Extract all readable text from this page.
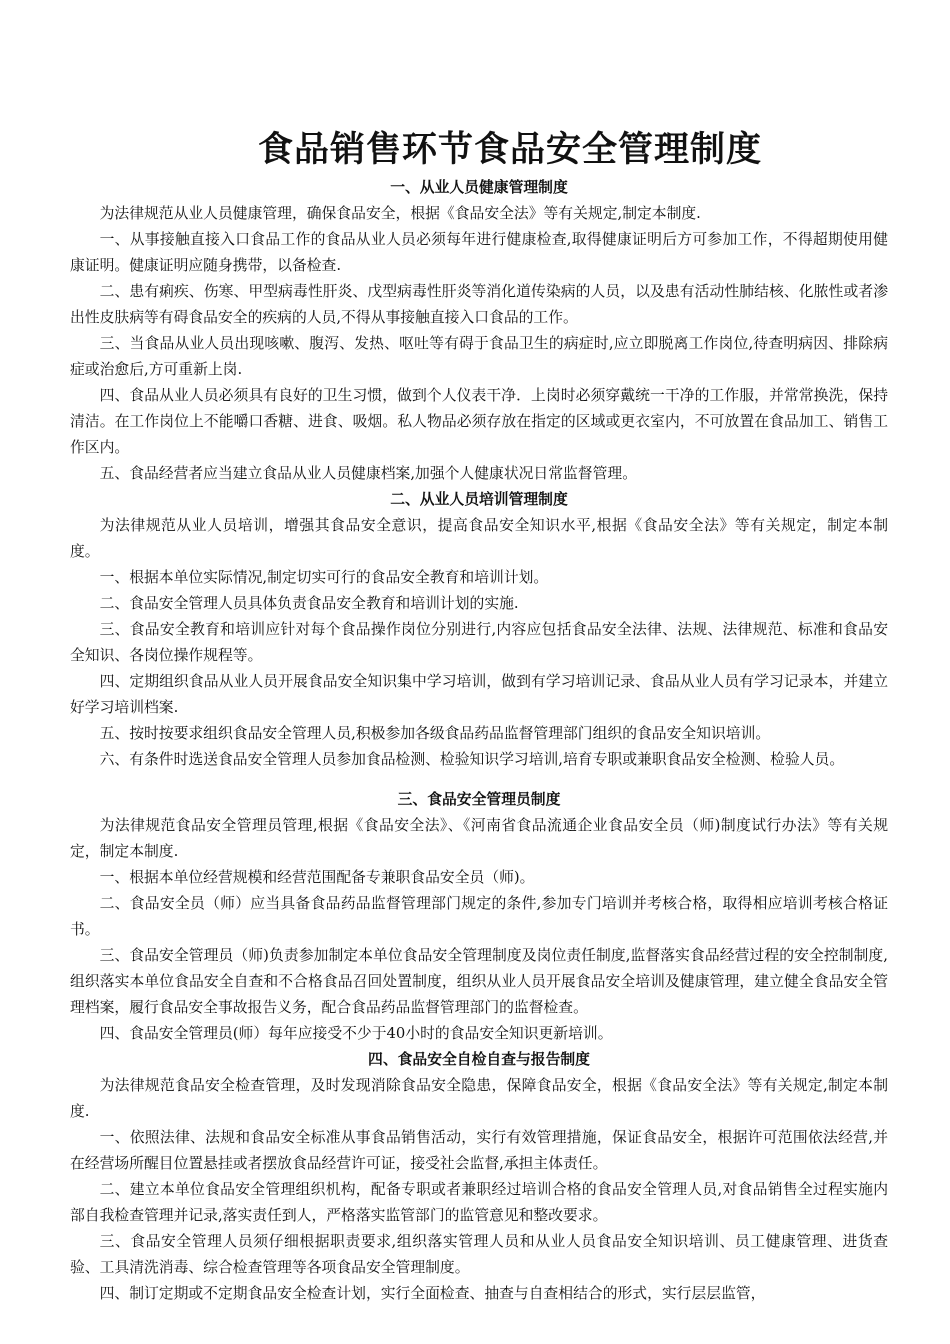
食品销售环节食品安全管理制度
一、从业人员健康管理制度

为法律规范从业人员健康管理，确保食品安全，根据《食品安全法》等有关规定,制定本制度.

一、从事接触直接入口食品工作的食品从业人员必须每年进行健康检查,取得健康证明后方可参加工作，不得超期使用健康证明。健康证明应随身携带，以备检查.

二、患有痢疾、伤寒、甲型病毒性肝炎、戊型病毒性肝炎等消化道传染病的人员，以及患有活动性肺结核、化脓性或者渗出性皮肤病等有碍食品安全的疾病的人员,不得从事接触直接入口食品的工作。

三、当食品从业人员出现咳嗽、腹泻、发热、呕吐等有碍于食品卫生的病症时,应立即脱离工作岗位,待查明病因、排除病症或治愈后,方可重新上岗.

四、食品从业人员必须具有良好的卫生习惯，做到个人仪表干净．上岗时必须穿戴统一干净的工作服，并常常换洗，保持清洁。在工作岗位上不能嚼口香糖、进食、吸烟。私人物品必须存放在指定的区域或更衣室内，不可放置在食品加工、销售工作区内。

五、食品经营者应当建立食品从业人员健康档案,加强个人健康状况日常监督管理。

二、从业人员培训管理制度

为法律规范从业人员培训，增强其食品安全意识，提高食品安全知识水平,根据《食品安全法》等有关规定，制定本制度。

一、根据本单位实际情况,制定切实可行的食品安全教育和培训计划。

二、食品安全管理人员具体负责食品安全教育和培训计划的实施.

三、食品安全教育和培训应针对每个食品操作岗位分别进行,内容应包括食品安全法律、法规、法律规范、标准和食品安全知识、各岗位操作规程等。

四、定期组织食品从业人员开展食品安全知识集中学习培训，做到有学习培训记录、食品从业人员有学习记录本，并建立好学习培训档案.

五、按时按要求组织食品安全管理人员,积极参加各级食品药品监督管理部门组织的食品安全知识培训。

六、有条件时选送食品安全管理人员参加食品检测、检验知识学习培训,培育专职或兼职食品安全检测、检验人员。

三、食品安全管理员制度

为法律规范食品安全管理员管理,根据《食品安全法》、《河南省食品流通企业食品安全员（师)制度试行办法》等有关规定，制定本制度.

一、根据本单位经营规模和经营范围配备专兼职食品安全员（师)。

二、食品安全员（师）应当具备食品药品监督管理部门规定的条件,参加专门培训并考核合格，取得相应培训考核合格证书。

三、食品安全管理员（师)负责参加制定本单位食品安全管理制度及岗位责任制度,监督落实食品经营过程的安全控制制度,组织落实本单位食品安全自查和不合格食品召回处置制度，组织从业人员开展食品安全培训及健康管理，建立健全食品安全管理档案，履行食品安全事故报告义务，配合食品药品监督管理部门的监督检查。

四、食品安全管理员(师）每年应接受不少于40小时的食品安全知识更新培训。

四、食品安全自检自查与报告制度

为法律规范食品安全检查管理，及时发现消除食品安全隐患，保障食品安全，根据《食品安全法》等有关规定,制定本制度.

一、依照法律、法规和食品安全标准从事食品销售活动，实行有效管理措施，保证食品安全，根据许可范围依法经营,并在经营场所醒目位置悬挂或者摆放食品经营许可证，接受社会监督,承担主体责任。

二、建立本单位食品安全管理组织机构，配备专职或者兼职经过培训合格的食品安全管理人员,对食品销售全过程实施内部自我检查管理并记录,落实责任到人，严格落实监管部门的监管意见和整改要求。

三、食品安全管理人员须仔细根据职责要求,组织落实管理人员和从业人员食品安全知识培训、员工健康管理、进货查验、工具清洗消毒、综合检查管理等各项食品安全管理制度。

四、制订定期或不定期食品安全检查计划，实行全面检查、抽查与自查相结合的形式，实行层层监管，
